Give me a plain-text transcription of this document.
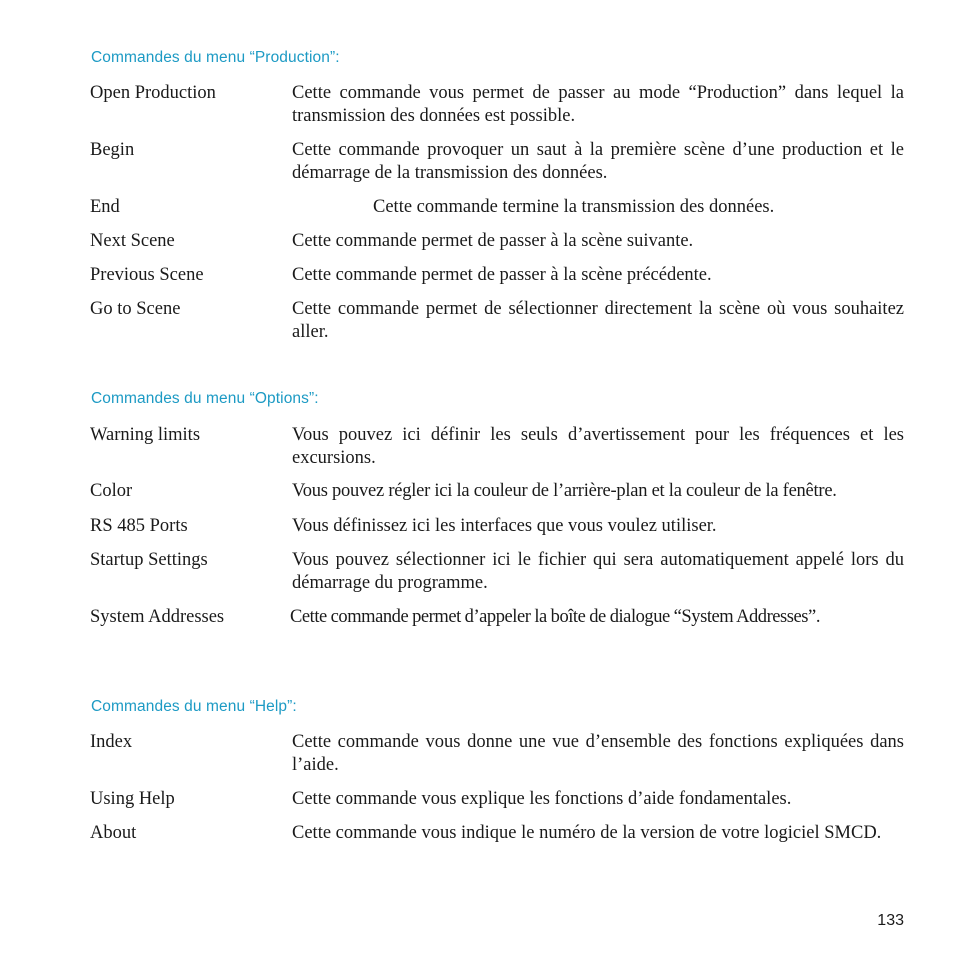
Commandes du menu “Production”:
Open Production	Cette commande vous permet de passer au mode “Production” dans lequel la transmission des données est possible.
Begin	Cette commande provoquer un saut à la première scène d’une production et le démarrage de la transmission des données.
End	Cette commande termine la transmission des données.
Next Scene	Cette commande permet de passer à la scène suivante.
Previous Scene	Cette commande permet de passer à la scène précédente.
Go to Scene	Cette commande permet de sélectionner directement la scène où vous souhaitez aller.
Commandes du menu “Options”:
Warning limits	Vous pouvez ici définir les seuls d’avertissement pour les fréquences et les excursions.
Color	Vous pouvez régler ici la couleur de l’arrière-plan et la couleur de la fenêtre.
RS 485 Ports	Vous définissez ici les interfaces que vous voulez utiliser.
Startup Settings	Vous pouvez sélectionner ici le fichier qui sera automatiquement appelé lors du démarrage du programme.
System Addresses	Cette commande permet d’appeler la boîte de dialogue “System Addresses”.
Commandes du menu “Help”:
Index	Cette commande vous donne une vue d’ensemble des fonctions expliquées dans l’aide.
Using Help	Cette commande vous explique les fonctions d’aide fondamentales.
About	Cette commande vous indique le numéro de la version de votre logiciel SMCD.
133
